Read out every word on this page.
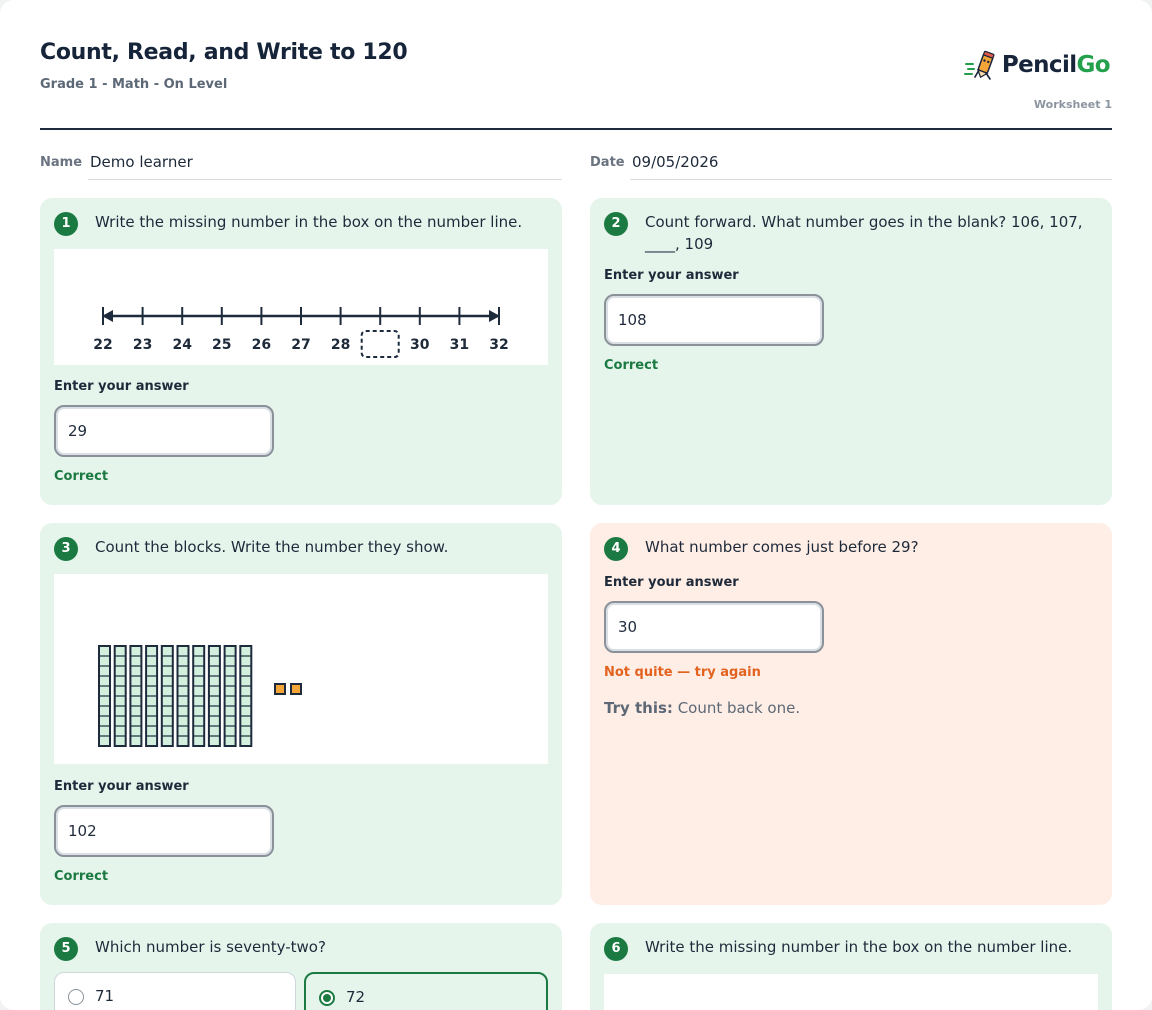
Count, Read, and Write to 120
Grade 1 - Math - On Level
PencilGo
Worksheet 1
Name Demo learner	Date 09/05/2026
1	Write the missing number in the box on the number line.
22 23 24 25 26 27 28	30 31 32
Enter your answer
29
Correct
2	Count forward. What number goes in the blank? 106, 107, ____, 109
Enter your answer
108
Correct
3	Count the blocks. Write the number they show.
Enter your answer
102
Correct
4	What number comes just before 29?
Enter your answer
30
Not quite — try again
Try this: Count back one.
5	Which number is seventy-two?
71	72
6	Write the missing number in the box on the number line.
